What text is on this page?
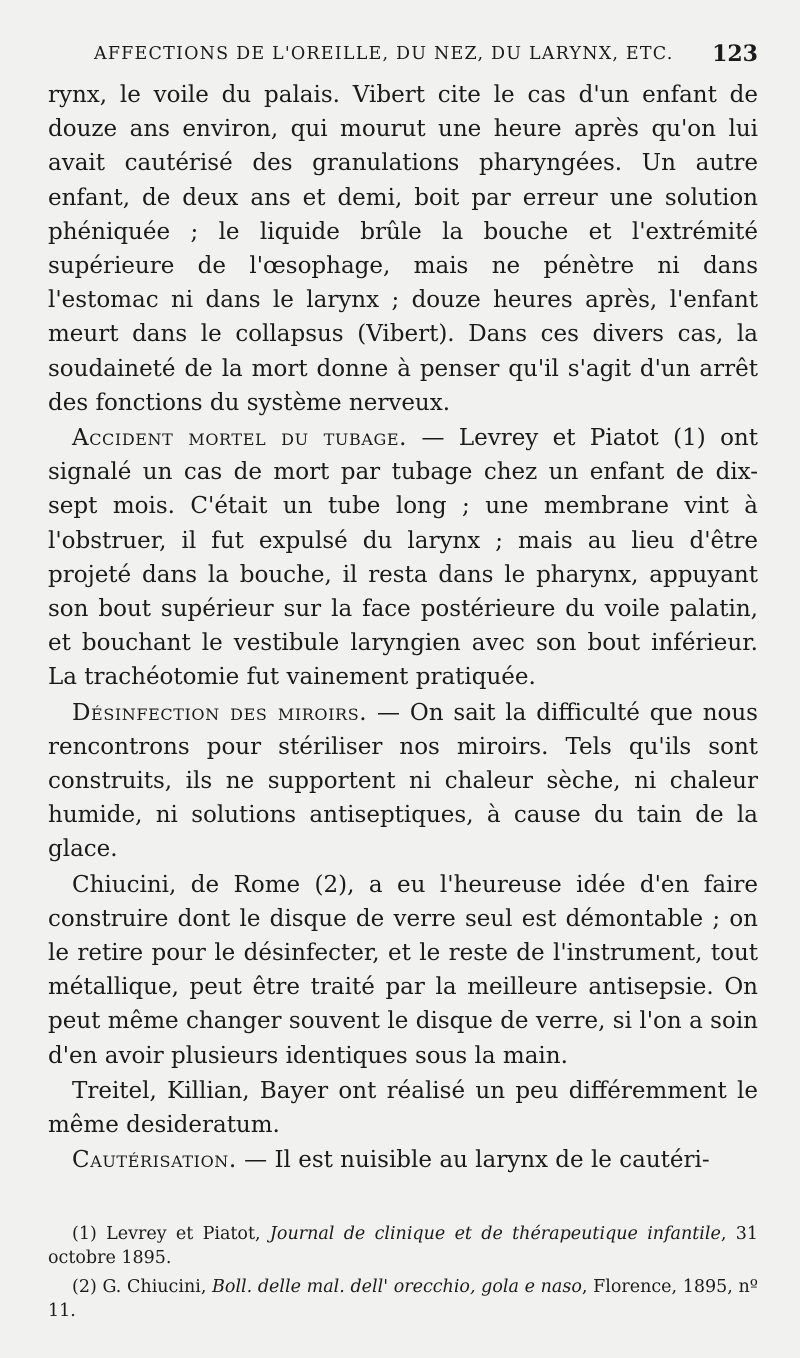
AFFECTIONS DE L'OREILLE, DU NEZ, DU LARYNX, ETC. 123

rynx, le voile du palais. Vibert cite le cas d'un enfant de douze ans environ, qui mourut une heure après qu'on lui avait cautérisé des granulations pharyngées. Un autre enfant, de deux ans et demi, boit par erreur une solution phéniquée ; le liquide brûle la bouche et l'extrémité supérieure de l'œsophage, mais ne pénètre ni dans l'estomac ni dans le larynx ; douze heures après, l'enfant meurt dans le collapsus (Vibert). Dans ces divers cas, la soudaineté de la mort donne à penser qu'il s'agit d'un arrêt des fonctions du système nerveux.

Accident mortel du tubage. — Levrey et Piatot (1) ont signalé un cas de mort par tubage chez un enfant de dix-sept mois. C'était un tube long ; une membrane vint à l'obstruer, il fut expulsé du larynx ; mais au lieu d'être projeté dans la bouche, il resta dans le pharynx, appuyant son bout supérieur sur la face postérieure du voile palatin, et bouchant le vestibule laryngien avec son bout inférieur. La trachéotomie fut vainement pratiquée.

Désinfection des miroirs. — On sait la difficulté que nous rencontrons pour stériliser nos miroirs. Tels qu'ils sont construits, ils ne supportent ni chaleur sèche, ni chaleur humide, ni solutions antiseptiques, à cause du tain de la glace.

Chiucini, de Rome (2), a eu l'heureuse idée d'en faire construire dont le disque de verre seul est démontable ; on le retire pour le désinfecter, et le reste de l'instrument, tout métallique, peut être traité par la meilleure antisepsie. On peut même changer souvent le disque de verre, si l'on a soin d'en avoir plusieurs identiques sous la main.

Treitel, Killian, Bayer ont réalisé un peu différemment le même desideratum.

Cautérisation. — Il est nuisible au larynx de le cautéri-

(1) Levrey et Piatot, Journal de clinique et de thérapeutique infantile, 31 octobre 1895.

(2) G. Chiucini, Boll. delle mal. dell' orecchio, gola e naso, Florence, 1895, nº 11.
